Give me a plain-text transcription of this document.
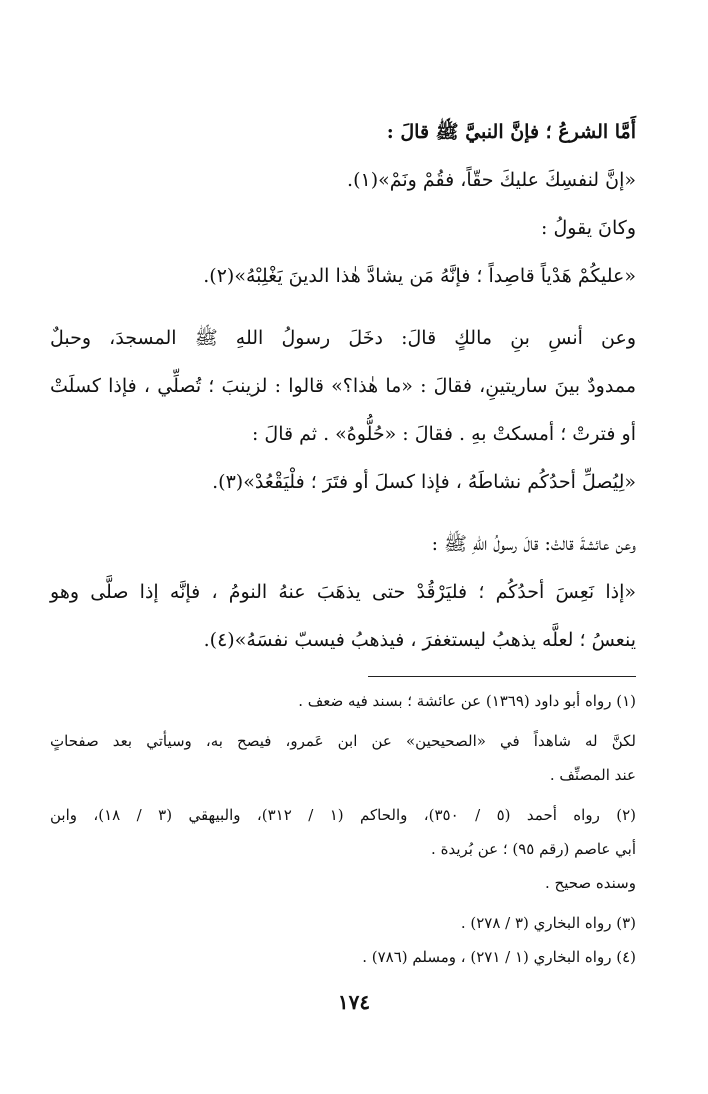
أَمَّا الشرعُ ؛ فإنَّ النبيَّ ﷺ قالَ :
«إنَّ لنفسِكَ عليكَ حقّاً، فقُمْ ونَمْ»(١).
وكانَ يقولُ :
«عليكُمْ هَدْياً قاصِداً ؛ فإنَّهُ مَن يشادَّ هٰذا الدينَ يَغْلِبْهُ»(٢).
وعن أنسِ بنِ مالكٍ قالَ: دخَلَ رسولُ اللهِ ﷺ المسجدَ، وحبلٌ
ممدودٌ بينَ ساريتينِ، فقالَ : «ما هٰذا؟» قالوا : لزينبَ ؛ تُصلِّي ، فإذا كسلَتْ
أو فترتْ ؛ أمسكتْ بهِ . فقالَ : «حُلُّوهُ» . ثم قالَ :
«لِيُصلِّ أحدُكُم نشاطَهُ ، فإذا كسلَ أو فتَرَ ؛ فلْيَقْعُدْ»(٣).
وعن عائشةَ قالتْ: قالَ رسولُ اللهِ ﷺ :
«إذا نَعِسَ أحدُكُم ؛ فليَرْقُدْ حتى يذهَبَ عنهُ النومُ ، فإنَّه إذا صلَّى وهو
ينعسُ ؛ لعلَّه يذهبُ ليستغفرَ ، فيذهبُ فيسبّ نفسَهُ»(٤).
(١) رواه أبو داود (١٣٦٩) عن عائشة ؛ بسند فيه ضعف .
لكنَّ له شاهداً في «الصحيحين» عن ابن عَمرو، فيصح به، وسيأتي بعد صفحاتٍ
عند المصنِّف .
(٢) رواه أحمد (٥ / ٣٥٠)، والحاكم (١ / ٣١٢)، والبيهقي (٣ / ١٨)، وابن
أبي عاصم (رقم ٩٥) ؛ عن بُريدة .
وسنده صحيح .
(٣) رواه البخاري (٣ / ٢٧٨) .
(٤) رواه البخاري (١ / ٢٧١) ، ومسلم (٧٨٦) .
١٧٤
